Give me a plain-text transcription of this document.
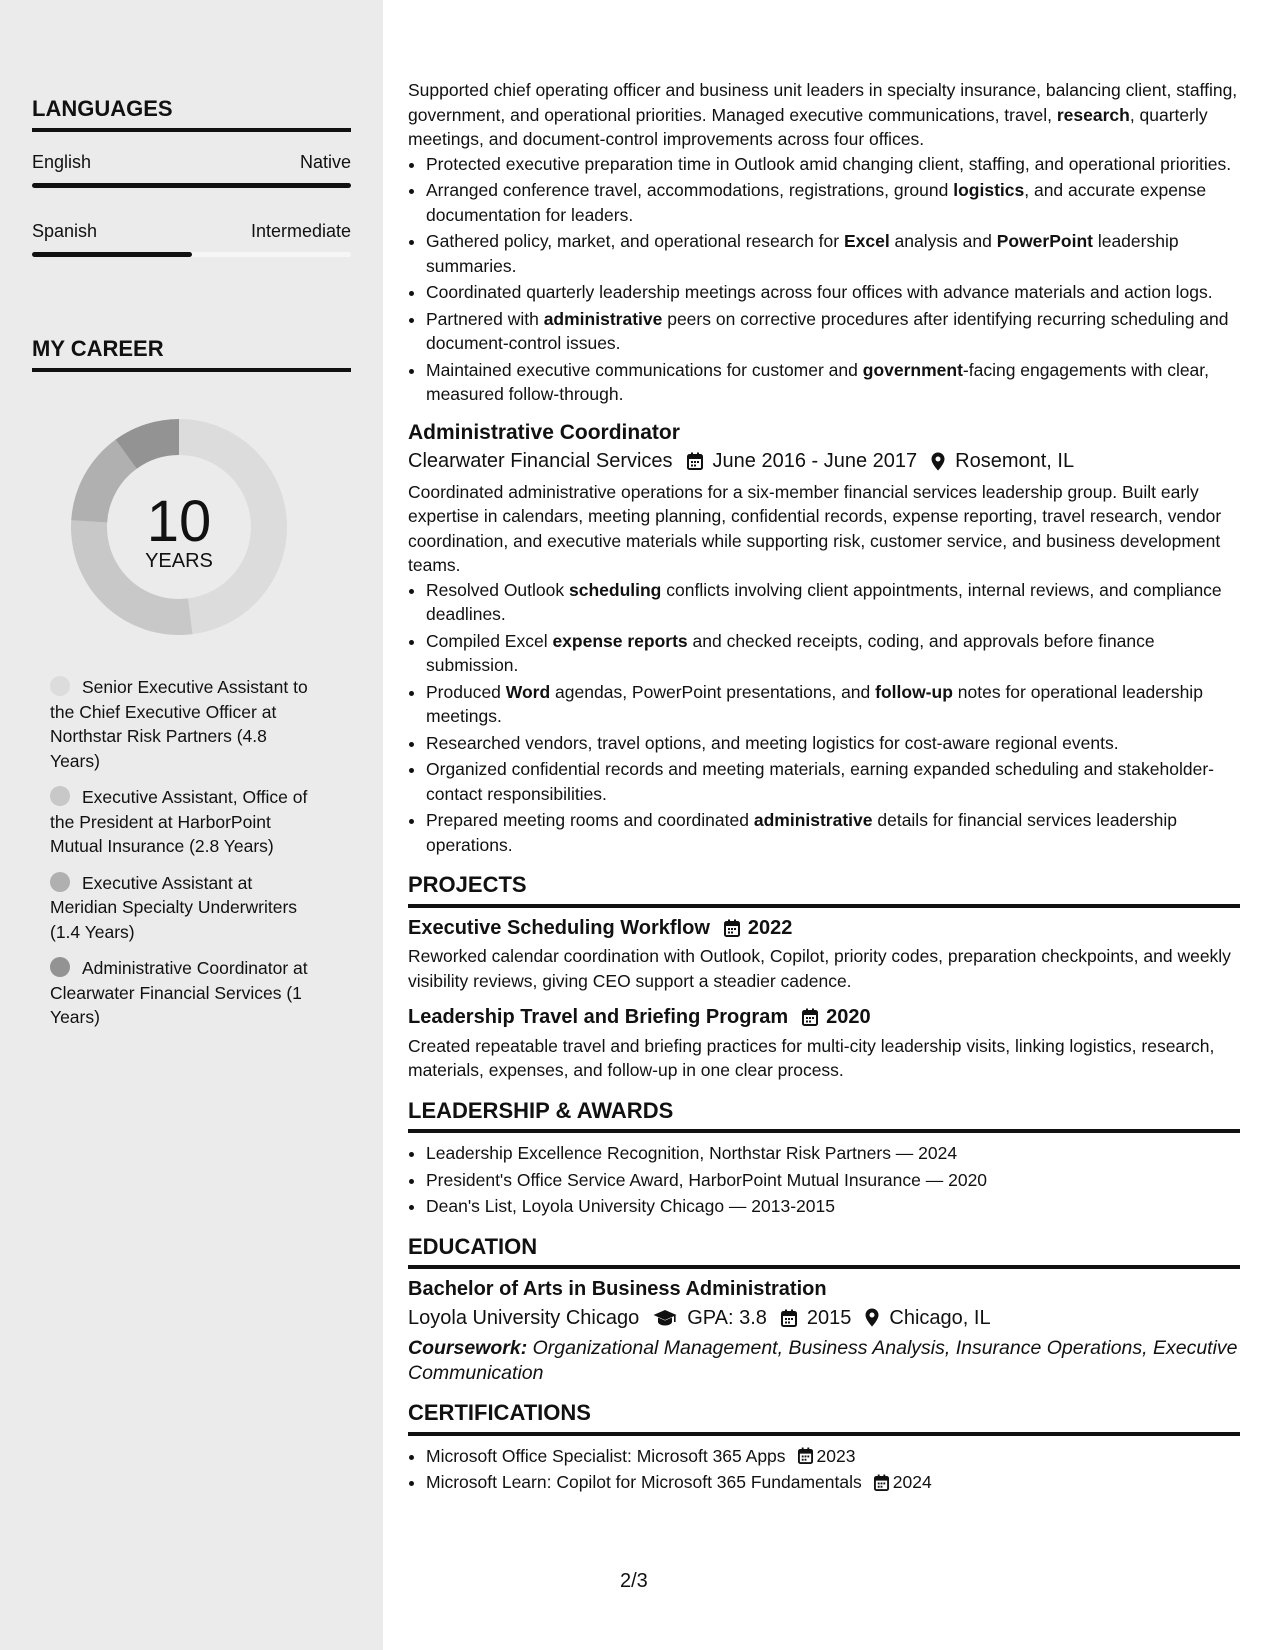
LANGUAGES
English	Native
Spanish	Intermediate
MY CAREER
10
YEARS
Senior Executive Assistant to the Chief Executive Officer at Northstar Risk Partners (4.8 Years)
Executive Assistant, Office of the President at HarborPoint Mutual Insurance (2.8 Years)
Executive Assistant at Meridian Specialty Underwriters (1.4 Years)
Administrative Coordinator at Clearwater Financial Services (1 Years)

Supported chief operating officer and business unit leaders in specialty insurance, balancing client, staffing, government, and operational priorities. Managed executive communications, travel, research, quarterly meetings, and document-control improvements across four offices.

• Protected executive preparation time in Outlook amid changing client, staffing, and operational priorities.
• Arranged conference travel, accommodations, registrations, ground logistics, and accurate expense documentation for leaders.
• Gathered policy, market, and operational research for Excel analysis and PowerPoint leadership summaries.
• Coordinated quarterly leadership meetings across four offices with advance materials and action logs.
• Partnered with administrative peers on corrective procedures after identifying recurring scheduling and document-control issues.
• Maintained executive communications for customer and government-facing engagements with clear, measured follow-through.
Administrative Coordinator
Clearwater Financial Services June 2016 - June 2017 Rosemont, IL

Coordinated administrative operations for a six-member financial services leadership group. Built early expertise in calendars, meeting planning, confidential records, expense reporting, travel research, vendor coordination, and executive materials while supporting risk, customer service, and business development teams.

• Resolved Outlook scheduling conflicts involving client appointments, internal reviews, and compliance deadlines.
• Compiled Excel expense reports and checked receipts, coding, and approvals before finance submission.
• Produced Word agendas, PowerPoint presentations, and follow-up notes for operational leadership meetings.
• Researched vendors, travel options, and meeting logistics for cost-aware regional events.
• Organized confidential records and meeting materials, earning expanded scheduling and stakeholder-contact responsibilities.
• Prepared meeting rooms and coordinated administrative details for financial services leadership operations.
PROJECTS
Executive Scheduling Workflow 2022

Reworked calendar coordination with Outlook, Copilot, priority codes, preparation checkpoints, and weekly visibility reviews, giving CEO support a steadier cadence.

Leadership Travel and Briefing Program 2020

Created repeatable travel and briefing practices for multi-city leadership visits, linking logistics, research, materials, expenses, and follow-up in one clear process.

LEADERSHIP & AWARDS
• Leadership Excellence Recognition, Northstar Risk Partners — 2024
• President's Office Service Award, HarborPoint Mutual Insurance — 2020
• Dean's List, Loyola University Chicago — 2013-2015
EDUCATION
Bachelor of Arts in Business Administration
Loyola University Chicago GPA: 3.8 2015 Chicago, IL

Coursework: Organizational Management, Business Analysis, Insurance Operations, Executive Communication

CERTIFICATIONS
• Microsoft Office Specialist: Microsoft 365 Apps 2023
• Microsoft Learn: Copilot for Microsoft 365 Fundamentals 2024
2/3
